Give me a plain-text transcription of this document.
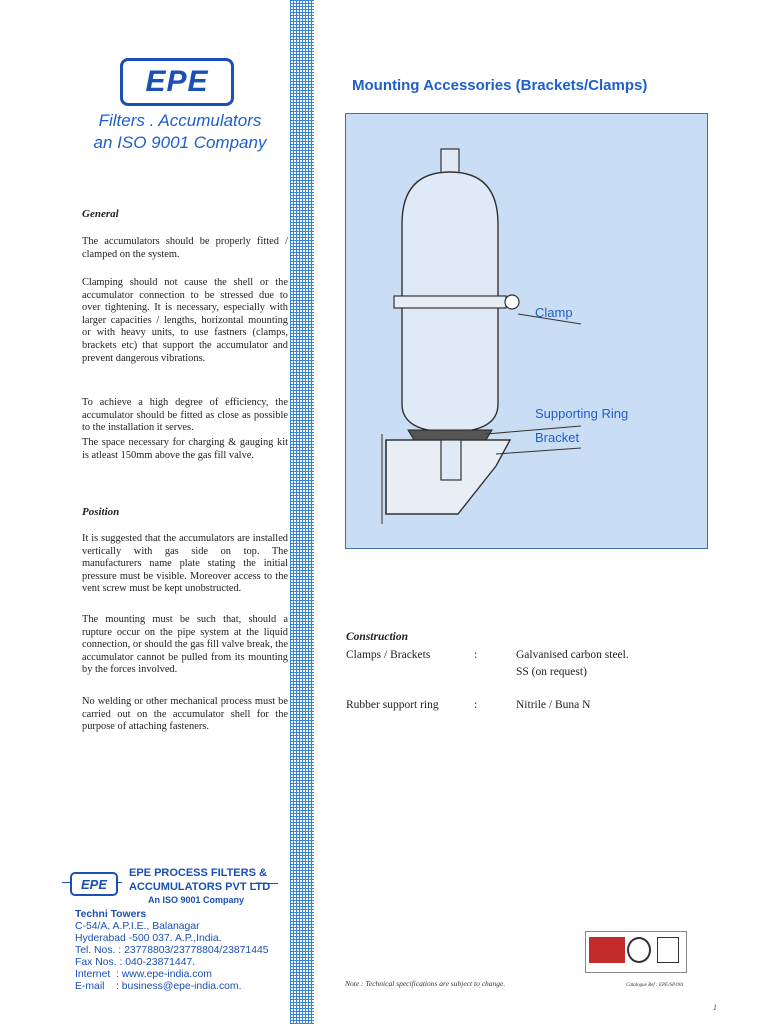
EPE
Filters . Accumulators
an ISO 9001 Company
General
The accumulators should be properly fitted / clamped on the system.
Clamping should not cause the shell or the accumulator connection to be stressed due to over tightening. It is necessary, especially with larger capacities / lengths, horizontal mounting or with heavy units, to use fastners (clamps, brackets etc) that support the accumulator and prevent dangerous vibrations.
To achieve a high degree of efficiency, the accumulator should be fitted as close as possible to the installation it serves.
The space necessary for charging & gauging kit is atleast 150mm above the gas fill valve.
Position
It is suggested that the accumulators are installed vertically with gas side on top. The manufacturers name plate stating the initial pressure must be visible. Moreover access to the vent screw must be kept unobstructed.
The mounting must be such that, should a rupture occur on the pipe system at the liquid connection, or should the gas fill valve break, the accumulator cannot be pulled from its mounting by the forces involved.
No welding or other mechanical process must be carried out on the accumulator shell for the purpose of attaching fasteners.
Mounting Accessories (Brackets/Clamps)
Clamp
Supporting Ring
Bracket
Construction
Clamps / Brackets	:	Galvanised carbon steel.
SS (on request)
Rubber support ring	:	Nitrile / Buna N
EPE
EPE PROCESS FILTERS &
ACCUMULATORS PVT LTD
An ISO 9001 Company
Techni Towers
C-54/A, A.P.I.E., Balanagar
Hyderabad -500 037. A.P.,India.
Tel. Nos. : 23778803/23778804/23871445
Fax Nos. : 040-23871447.
Internet  : www.epe-india.com
E-mail    : business@epe-india.com.	Note : Technical specifications are subject to change.	Catalogue Ref : EPE/SP/001
1
